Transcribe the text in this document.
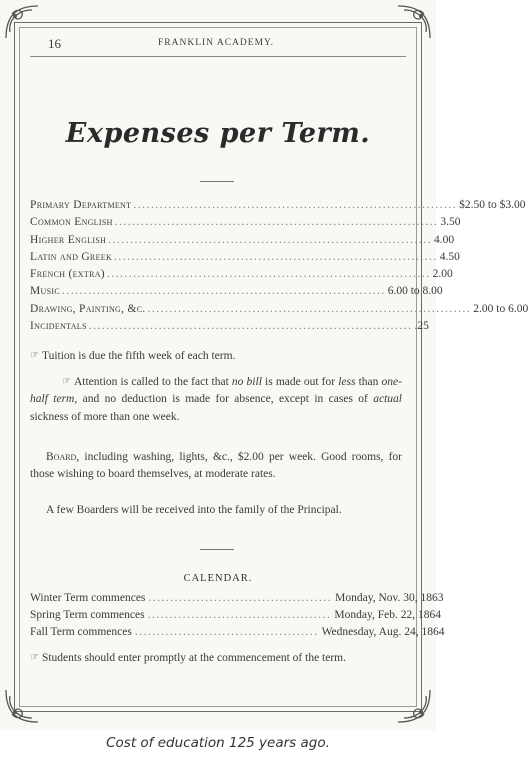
16	FRANKLIN ACADEMY.
Expenses per Term.
Primary Department .......................................................................... $2.50 to $3.00
Common English .......................................................................... 3.50
Higher English .......................................................................... 4.00
Latin and Greek .......................................................................... 4.50
French (extra) .......................................................................... 2.00
Music .......................................................................... 6.00 to 8.00
Drawing, Painting, &c. .......................................................................... 2.00 to 6.00
Incidentals .......................................................................... .25
☞ Tuition is due the fifth week of each term.
☞ Attention is called to the fact that no bill is made out for less than one-half term, and no deduction is made for absence, except in cases of actual sickness of more than one week.
Board, including washing, lights, &c., $2.00 per week. Good rooms, for those wishing to board themselves, at moderate rates.
A few Boarders will be received into the family of the Principal.
CALENDAR.
Winter Term commences .......................................... Monday, Nov. 30, 1863
Spring Term commences .......................................... Monday, Feb. 22, 1864
Fall Term commences .......................................... Wednesday, Aug. 24, 1864
☞ Students should enter promptly at the commencement of the term.
Cost of education 125 years ago.
